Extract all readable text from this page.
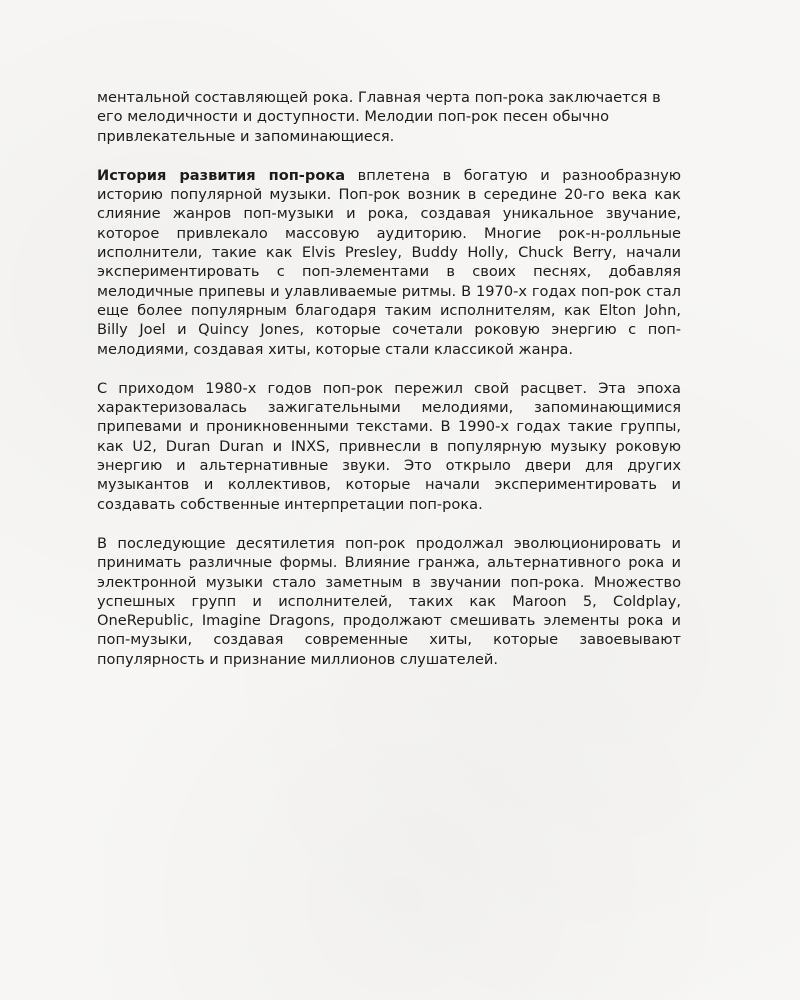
ментальной составляющей рока. Главная черта поп-рока заключается в его мелодичности и доступности. Мелодии поп-рок песен обычно привлекательные и запоминающиеся.

История развития поп-рока вплетена в богатую и разнообразную историю популярной музыки. Поп-рок возник в середине 20-го века как слияние жанров поп-музыки и рока, создавая уникальное звучание, которое привлекало массовую аудиторию. Многие рок-н-ролльные исполнители, такие как Elvis Presley, Buddy Holly, Chuck Berry, начали экспериментировать с поп-элементами в своих песнях, добавляя мелодичные припевы и улавливаемые ритмы. В 1970-х годах поп-рок стал еще более популярным благодаря таким исполнителям, как Elton John, Billy Joel и Quincy Jones, которые сочетали роковую энергию с поп-мелодиями, создавая хиты, которые стали классикой жанра.

С приходом 1980-х годов поп-рок пережил свой расцвет. Эта эпоха характеризовалась зажигательными мелодиями, запоминающимися припевами и проникновенными текстами. В 1990-х годах такие группы, как U2, Duran Duran и INXS, привнесли в популярную музыку роковую энергию и альтернативные звуки. Это открыло двери для других музыкантов и коллективов, которые начали экспериментировать и создавать собственные интерпретации поп-рока.

В последующие десятилетия поп-рок продолжал эволюционировать и принимать различные формы. Влияние гранжа, альтернативного рока и электронной музыки стало заметным в звучании поп-рока. Множество успешных групп и исполнителей, таких как Maroon 5, Coldplay, OneRepublic, Imagine Dragons, продолжают смешивать элементы рока и поп-музыки, создавая современные хиты, которые завоевывают популярность и признание миллионов слушателей.
